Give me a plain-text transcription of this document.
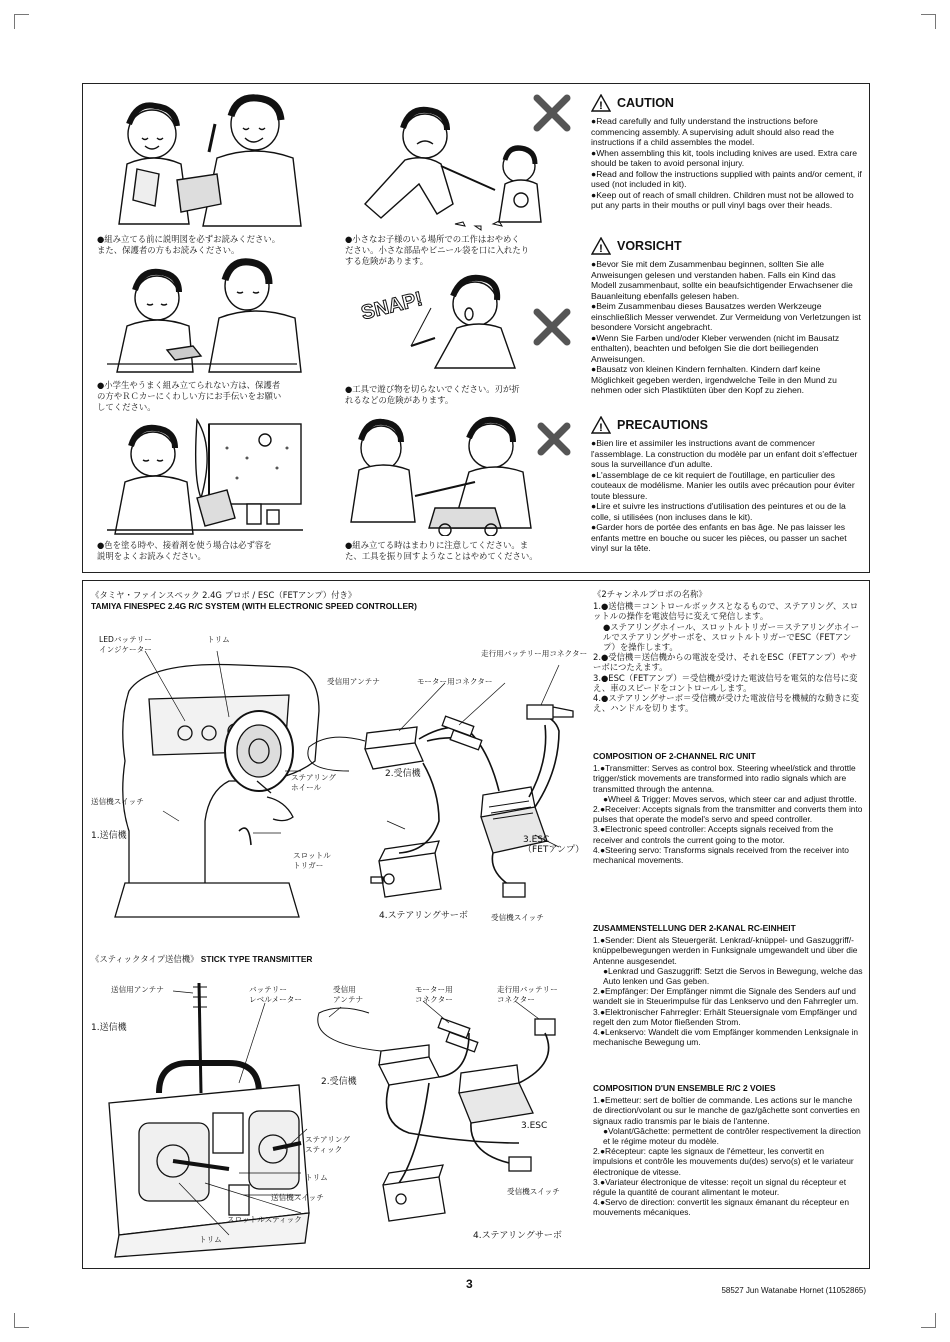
●組み立てる前に説明図を必ずお読みください。
また、保護者の方もお読みください。
●小学生やうまく組み立てられない方は、保護者
の方やＲＣカーにくわしい方にお手伝いをお願い
してください。
●色を塗る時や、接着剤を使う場合は必ず容を
説明をよくお読みください。
●小さなお子様のいる場所での工作はおやめく
ださい。小さな部品やビニール袋を口に入れたり
する危険があります。
SNAP!
●工具で遊び物を切らないでください。刃が折
れるなどの危険があります。
●組み立てる時はまわりに注意してください。ま
た、工具を振り回すようなことはやめてください。
! CAUTION

●Read carefully and fully understand the instructions before commencing assembly. A supervising adult should also read the instructions if a child assembles the model.

●When assembling this kit, tools including knives are used. Extra care should be taken to avoid personal injury.

●Read and follow the instructions supplied with paints and/or cement, if used (not included in kit).

●Keep out of reach of small children. Children must not be allowed to put any parts in their mouths or pull vinyl bags over their heads.

! VORSICHT

●Bevor Sie mit dem Zusammenbau beginnen, sollten Sie alle Anweisungen gelesen und verstanden haben. Falls ein Kind das Modell zusammenbaut, sollte ein beaufsichtigender Erwachsener die Bauanleitung ebenfalls gelesen haben.

●Beim Zusammenbau dieses Bausatzes werden Werkzeuge einschließlich Messer verwendet. Zur Vermeidung von Verletzungen ist besondere Vorsicht angebracht.

●Wenn Sie Farben und/oder Kleber verwenden (nicht im Bausatz enthalten), beachten und befolgen Sie die dort beiliegenden Anweisungen.

●Bausatz von kleinen Kindern fernhalten. Kindern darf keine Möglichkeit gegeben werden, irgendwelche Teile in den Mund zu nehmen oder sich Plastiktüten über den Kopf zu ziehen.

! PRECAUTIONS

●Bien lire et assimiler les instructions avant de commencer l'assemblage. La construction du modèle par un enfant doit s'effectuer sous la surveillance d'un adulte.

●L'assemblage de ce kit requiert de l'outillage, en particulier des couteaux de modélisme. Manier les outils avec précaution pour éviter toute blessure.

●Lire et suivre les instructions d'utilisation des peintures et ou de la colle, si utilisées (non incluses dans le kit).

●Garder hors de portée des enfants en bas âge. Ne pas laisser les enfants mettre en bouche ou sucer les pièces, ou passer un sachet vinyl sur la tête.

《タミヤ・ファインスペック 2.4G プロポ / ESC（FETアンプ）付き》
TAMIYA FINESPEC 2.4G R/C SYSTEM (WITH ELECTRONIC SPEED CONTROLLER)
LEDバッテリー
インジケーター
トリム
走行用バッテリー用コネクター
受信用アンテナ	モーター用コネクター
ステアリング
ホイール
2.受信機
送信機スイッチ
1.送信機
スロットル
トリガー
3.ESC
（FETアンプ）
4.ステアリングサーボ	受信機スイッチ
《スティックタイプ送信機》 STICK TYPE TRANSMITTER
送信用アンテナ	バッテリー
レベルメーター
受信用
アンテナ
モーター用
コネクター
走行用バッテリー
コネクター
1.送信機
2.受信機
3.ESC
ステアリング
スティック
トリム
送信機スイッチ
スロットルスティック
トリム
受信機スイッチ
4.ステアリングサーボ

《2チャンネルプロポの名称》

1.●送信機＝コントロールボックスとなるもので、ステアリング、スロットルの操作を電波信号に変えて発信します。

●ステアリングホイール、スロットルトリガー＝ステアリングホイールでステアリングサーボを、スロットルトリガーでESC（FETアンプ）を操作します。

2.●受信機＝送信機からの電波を受け、それをESC（FETアンプ）やサーボにつたえます。

3.●ESC（FETアンプ）＝受信機が受けた電波信号を電気的な信号に変え、車のスピードをコントロールします。

4.●ステアリングサーボ＝受信機が受けた電波信号を機械的な動きに変え、ハンドルを切ります。

COMPOSITION OF 2-CHANNEL R/C UNIT

1.●Transmitter: Serves as control box. Steering wheel/stick and throttle trigger/stick movements are transformed into radio signals which are transmitted through the antenna.

●Wheel & Trigger: Moves servos, which steer car and adjust throttle.

2.●Receiver: Accepts signals from the transmitter and converts them into pulses that operate the model's servo and speed controller.

3.●Electronic speed controller: Accepts signals received from the receiver and controls the current going to the motor.

4.●Steering servo: Transforms signals received from the receiver into mechanical movements.

ZUSAMMENSTELLUNG DER 2-KANAL RC-EINHEIT

1.●Sender: Dient als Steuergerät. Lenkrad/-knüppel- und Gaszuggriff/- knüppelbewegungen werden in Funksignale umgewandelt und über die Antenne ausgesendet.

●Lenkrad und Gaszuggriff: Setzt die Servos in Bewegung, welche das Auto lenken und Gas geben.

2.●Empfänger: Der Empfänger nimmt die Signale des Senders auf und wandelt sie in Steuerimpulse für das Lenkservo und den Fahrregler um.

3.●Elektronischer Fahrregler: Erhält Steuersignale vom Empfänger und regelt den zum Motor fließenden Strom.

4.●Lenkservo: Wandelt die vom Empfänger kommenden Lenksignale in mechanische Bewegung um.

COMPOSITION D'UN ENSEMBLE R/C 2 VOIES

1.●Emetteur: sert de boîtier de commande. Les actions sur le manche de direction/volant ou sur le manche de gaz/gâchette sont converties en signaux radio transmis par le biais de l'antenne.

●Volant/Gâchette: permettent de contrôler respectivement la direction et le régime moteur du modèle.

2.●Récepteur: capte les signaux de l'émetteur, les convertit en impulsions et contrôle les mouvements du(des) servo(s) et le variateur électronique de vitesse.

3.●Variateur électronique de vitesse: reçoit un signal du récepteur et régule la quantité de courant alimentant le moteur.

4.●Servo de direction: convertit les signaux émanant du récepteur en mouvements mécaniques.

3	58527 Jun Watanabe Hornet (11052865)
